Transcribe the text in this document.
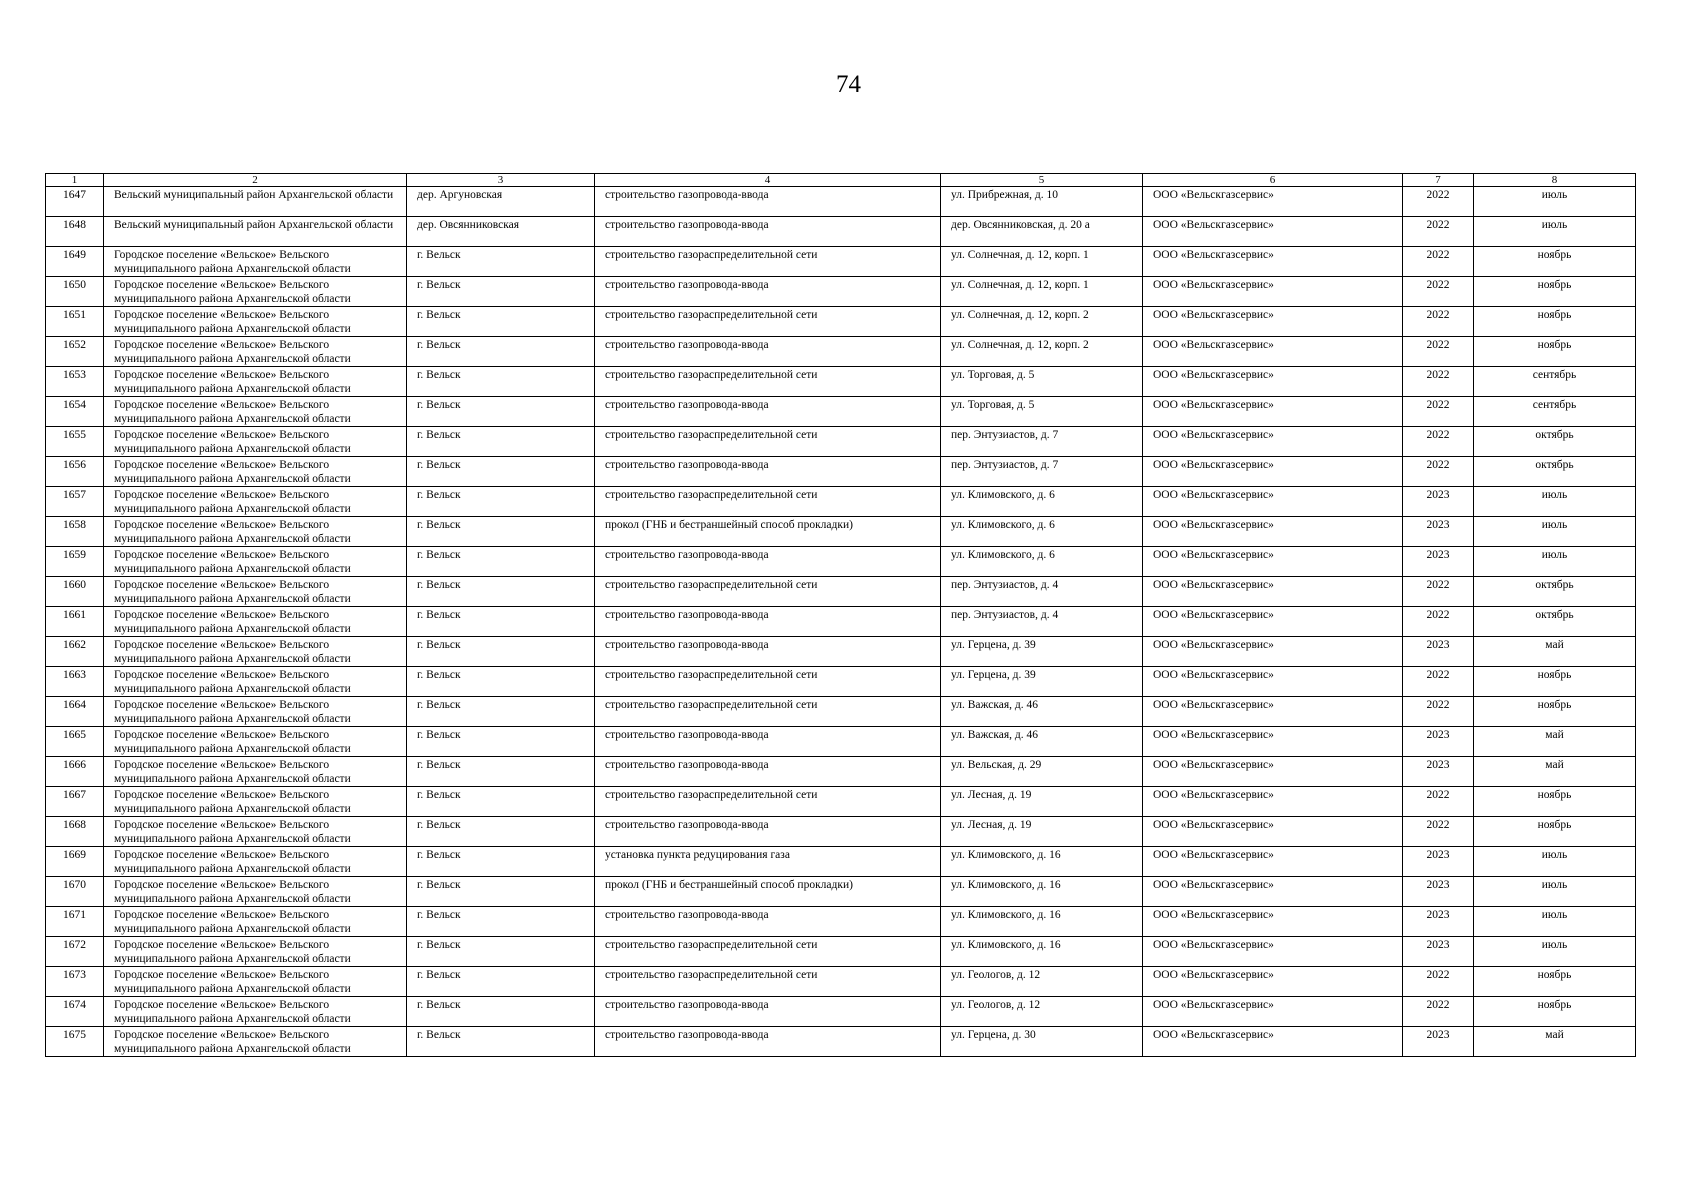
74
1	2	3	4	5	6	7	8
1647	Вельский муниципальный район Архангельской области	дер. Аргуновская	строительство газопровода-ввода	ул. Прибрежная, д. 10	ООО «Вельскгазсервис»	2022	июль
1648	Вельский муниципальный район Архангельской области	дер. Овсянниковская	строительство газопровода-ввода	дер. Овсянниковская, д. 20 а	ООО «Вельскгазсервис»	2022	июль
1649	Городское поселение «Вельское» Вельского муниципального района Архангельской области	г. Вельск	строительство газораспределительной сети	ул. Солнечная, д. 12, корп. 1	ООО «Вельскгазсервис»	2022	ноябрь
1650	Городское поселение «Вельское» Вельского муниципального района Архангельской области	г. Вельск	строительство газопровода-ввода	ул. Солнечная, д. 12, корп. 1	ООО «Вельскгазсервис»	2022	ноябрь
1651	Городское поселение «Вельское» Вельского муниципального района Архангельской области	г. Вельск	строительство газораспределительной сети	ул. Солнечная, д. 12, корп. 2	ООО «Вельскгазсервис»	2022	ноябрь
1652	Городское поселение «Вельское» Вельского муниципального района Архангельской области	г. Вельск	строительство газопровода-ввода	ул. Солнечная, д. 12, корп. 2	ООО «Вельскгазсервис»	2022	ноябрь
1653	Городское поселение «Вельское» Вельского муниципального района Архангельской области	г. Вельск	строительство газораспределительной сети	ул. Торговая, д. 5	ООО «Вельскгазсервис»	2022	сентябрь
1654	Городское поселение «Вельское» Вельского муниципального района Архангельской области	г. Вельск	строительство газопровода-ввода	ул. Торговая, д. 5	ООО «Вельскгазсервис»	2022	сентябрь
1655	Городское поселение «Вельское» Вельского муниципального района Архангельской области	г. Вельск	строительство газораспределительной сети	пер. Энтузиастов, д. 7	ООО «Вельскгазсервис»	2022	октябрь
1656	Городское поселение «Вельское» Вельского муниципального района Архангельской области	г. Вельск	строительство газопровода-ввода	пер. Энтузиастов, д. 7	ООО «Вельскгазсервис»	2022	октябрь
1657	Городское поселение «Вельское» Вельского муниципального района Архангельской области	г. Вельск	строительство газораспределительной сети	ул. Климовского, д. 6	ООО «Вельскгазсервис»	2023	июль
1658	Городское поселение «Вельское» Вельского муниципального района Архангельской области	г. Вельск	прокол (ГНБ и бестраншейный способ прокладки)	ул. Климовского, д. 6	ООО «Вельскгазсервис»	2023	июль
1659	Городское поселение «Вельское» Вельского муниципального района Архангельской области	г. Вельск	строительство газопровода-ввода	ул. Климовского, д. 6	ООО «Вельскгазсервис»	2023	июль
1660	Городское поселение «Вельское» Вельского муниципального района Архангельской области	г. Вельск	строительство газораспределительной сети	пер. Энтузиастов, д. 4	ООО «Вельскгазсервис»	2022	октябрь
1661	Городское поселение «Вельское» Вельского муниципального района Архангельской области	г. Вельск	строительство газопровода-ввода	пер. Энтузиастов, д. 4	ООО «Вельскгазсервис»	2022	октябрь
1662	Городское поселение «Вельское» Вельского муниципального района Архангельской области	г. Вельск	строительство газопровода-ввода	ул. Герцена, д. 39	ООО «Вельскгазсервис»	2023	май
1663	Городское поселение «Вельское» Вельского муниципального района Архангельской области	г. Вельск	строительство газораспределительной сети	ул. Герцена, д. 39	ООО «Вельскгазсервис»	2022	ноябрь
1664	Городское поселение «Вельское» Вельского муниципального района Архангельской области	г. Вельск	строительство газораспределительной сети	ул. Важская, д. 46	ООО «Вельскгазсервис»	2022	ноябрь
1665	Городское поселение «Вельское» Вельского муниципального района Архангельской области	г. Вельск	строительство газопровода-ввода	ул. Важская, д. 46	ООО «Вельскгазсервис»	2023	май
1666	Городское поселение «Вельское» Вельского муниципального района Архангельской области	г. Вельск	строительство газопровода-ввода	ул. Вельская, д. 29	ООО «Вельскгазсервис»	2023	май
1667	Городское поселение «Вельское» Вельского муниципального района Архангельской области	г. Вельск	строительство газораспределительной сети	ул. Лесная, д. 19	ООО «Вельскгазсервис»	2022	ноябрь
1668	Городское поселение «Вельское» Вельского муниципального района Архангельской области	г. Вельск	строительство газопровода-ввода	ул. Лесная, д. 19	ООО «Вельскгазсервис»	2022	ноябрь
1669	Городское поселение «Вельское» Вельского муниципального района Архангельской области	г. Вельск	установка пункта редуцирования газа	ул. Климовского, д. 16	ООО «Вельскгазсервис»	2023	июль
1670	Городское поселение «Вельское» Вельского муниципального района Архангельской области	г. Вельск	прокол (ГНБ и бестраншейный способ прокладки)	ул. Климовского, д. 16	ООО «Вельскгазсервис»	2023	июль
1671	Городское поселение «Вельское» Вельского муниципального района Архангельской области	г. Вельск	строительство газопровода-ввода	ул. Климовского, д. 16	ООО «Вельскгазсервис»	2023	июль
1672	Городское поселение «Вельское» Вельского муниципального района Архангельской области	г. Вельск	строительство газораспределительной сети	ул. Климовского, д. 16	ООО «Вельскгазсервис»	2023	июль
1673	Городское поселение «Вельское» Вельского муниципального района Архангельской области	г. Вельск	строительство газораспределительной сети	ул. Геологов, д. 12	ООО «Вельскгазсервис»	2022	ноябрь
1674	Городское поселение «Вельское» Вельского муниципального района Архангельской области	г. Вельск	строительство газопровода-ввода	ул. Геологов, д. 12	ООО «Вельскгазсервис»	2022	ноябрь
1675	Городское поселение «Вельское» Вельского муниципального района Архангельской области	г. Вельск	строительство газопровода-ввода	ул. Герцена, д. 30	ООО «Вельскгазсервис»	2023	май
